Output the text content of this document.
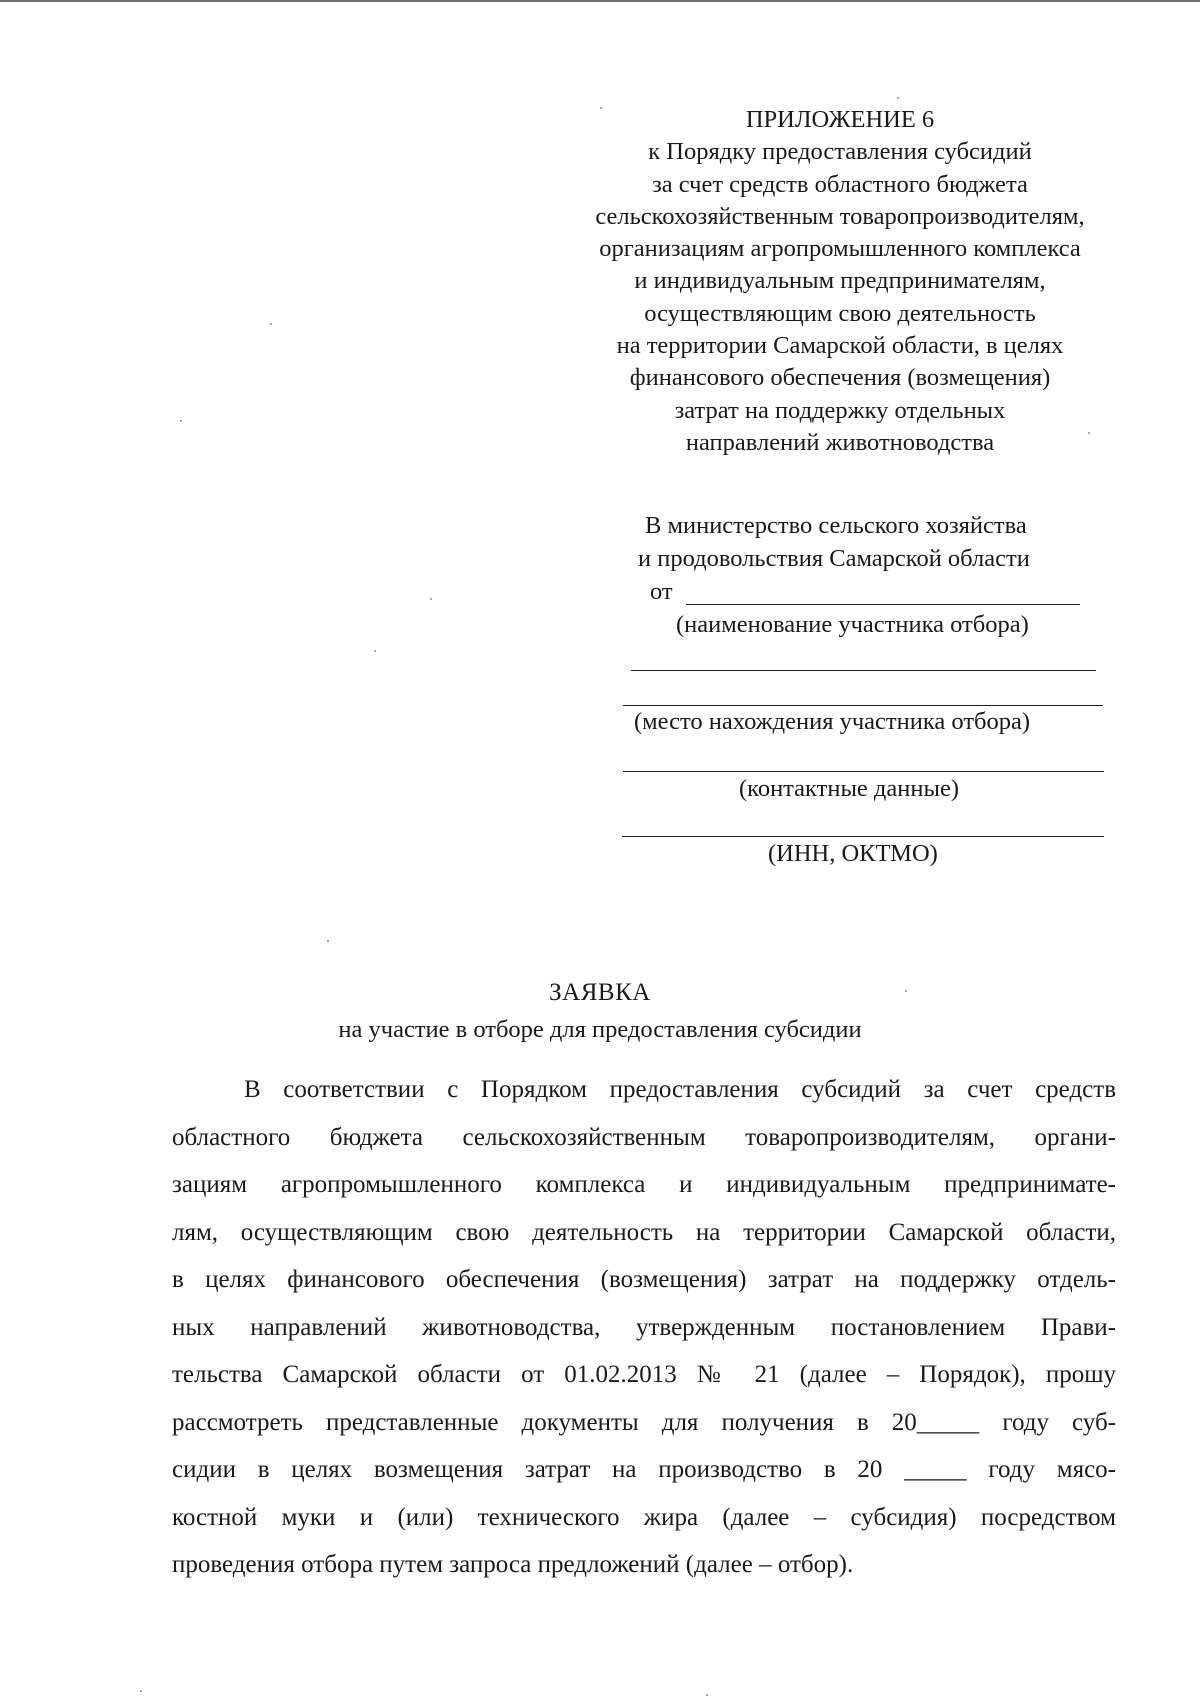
ПРИЛОЖЕНИЕ 6
к Порядку предоставления субсидий
за счет средств областного бюджета
сельскохозяйственным товаропроизводителям,
организациям агропромышленного комплекса
и индивидуальным предпринимателям,
осуществляющим свою деятельность
на территории Самарской области, в целях
финансового обеспечения (возмещения)
затрат на поддержку отдельных
направлений животноводства
В министерство сельского хозяйства
и продовольствия Самарской области
от
(наименование участника отбора)
(место нахождения участника отбора)
(контактные данные)
(ИНН, ОКТМО)
ЗАЯВКА
на участие в отборе для предоставления субсидии
В соответствии с Порядком предоставления субсидий за счет средств
областного бюджета сельскохозяйственным товаропроизводителям, органи-
зациям агропромышленного комплекса и индивидуальным предпринимате-
лям, осуществляющим свою деятельность на территории Самарской области,
в целях финансового обеспечения (возмещения) затрат на поддержку отдель-
ных направлений животноводства, утвержденным постановлением Прави-
тельства Самарской области от 01.02.2013 № 21 (далее – Порядок), прошу
рассмотреть представленные документы для получения в 20_____ году суб-
сидии в целях возмещения затрат на производство в 20 _____ году мясо-
костной муки и (или) технического жира (далее – субсидия) посредством
проведения отбора путем запроса предложений (далее – отбор).
